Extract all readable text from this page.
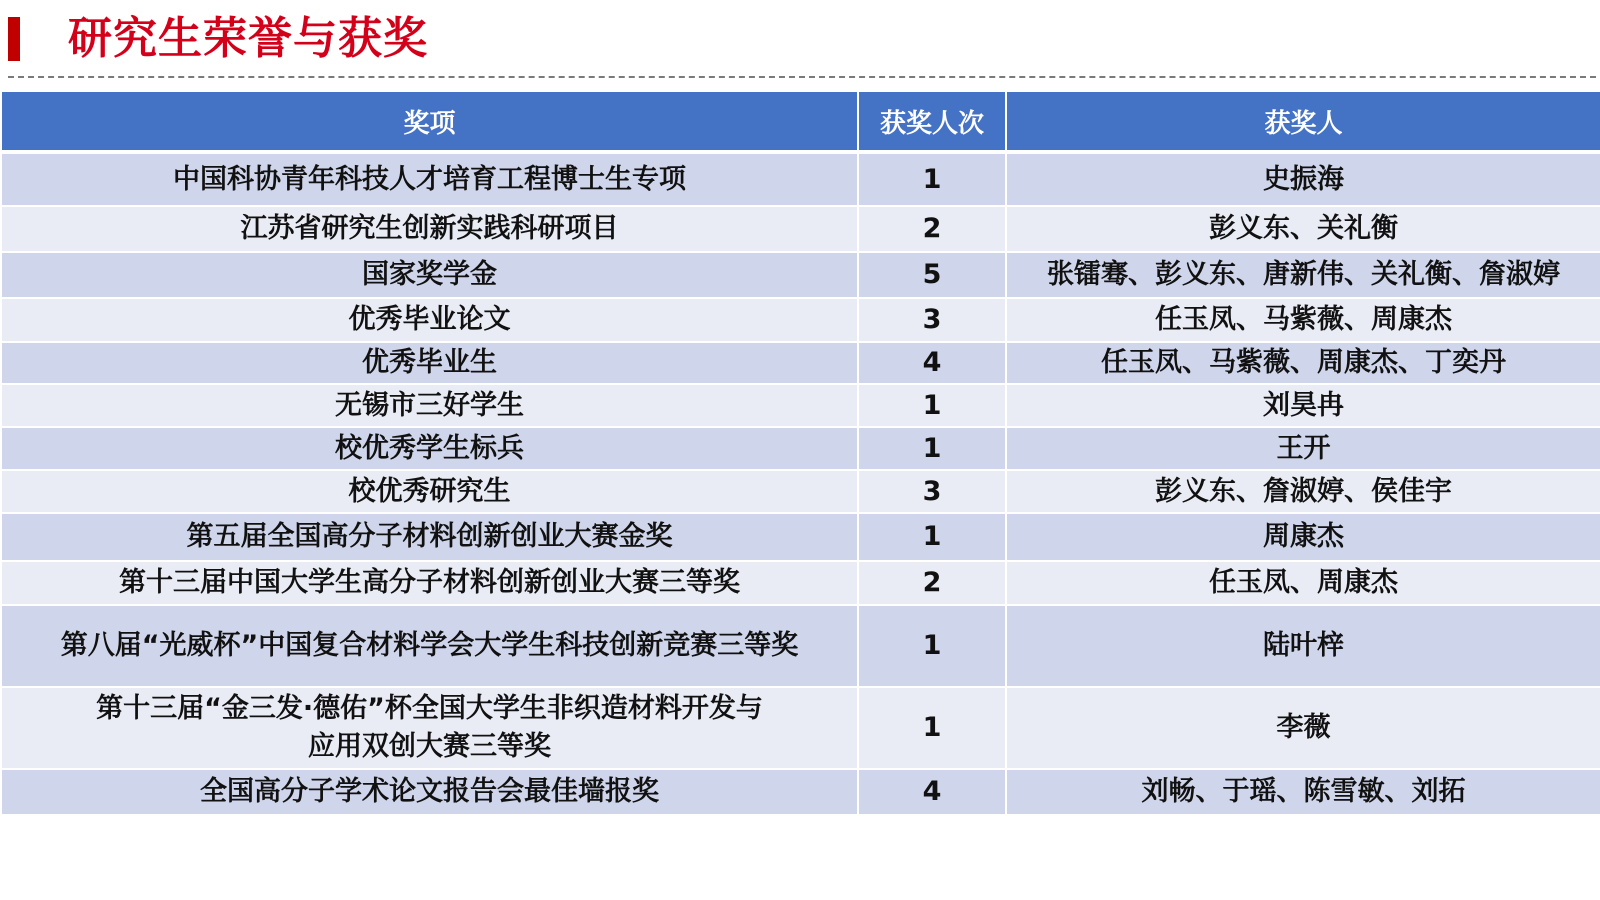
研究生荣誉与获奖
奖项	获奖人次	获奖人
中国科协青年科技人才培育工程博士生专项	1	史振海
江苏省研究生创新实践科研项目	2	彭义东、关礼衡
国家奖学金	5	张镭骞、彭义东、唐新伟、关礼衡、詹淑婷
优秀毕业论文	3	任玉凤、马紫薇、周康杰
优秀毕业生	4	任玉凤、马紫薇、周康杰、丁奕丹
无锡市三好学生	1	刘昊冉
校优秀学生标兵	1	王开
校优秀研究生	3	彭义东、詹淑婷、侯佳宇
第五届全国高分子材料创新创业大赛金奖	1	周康杰
第十三届中国大学生高分子材料创新创业大赛三等奖	2	任玉凤、周康杰
第八届“光威杯”中国复合材料学会大学生科技创新竞赛三等奖	1	陆叶梓
第十三届“金三发·德佑”杯全国大学生非织造材料开发与应用双创大赛三等奖	1	李薇
全国高分子学术论文报告会最佳墙报奖	4	刘畅、于瑶、陈雪敏、刘拓
